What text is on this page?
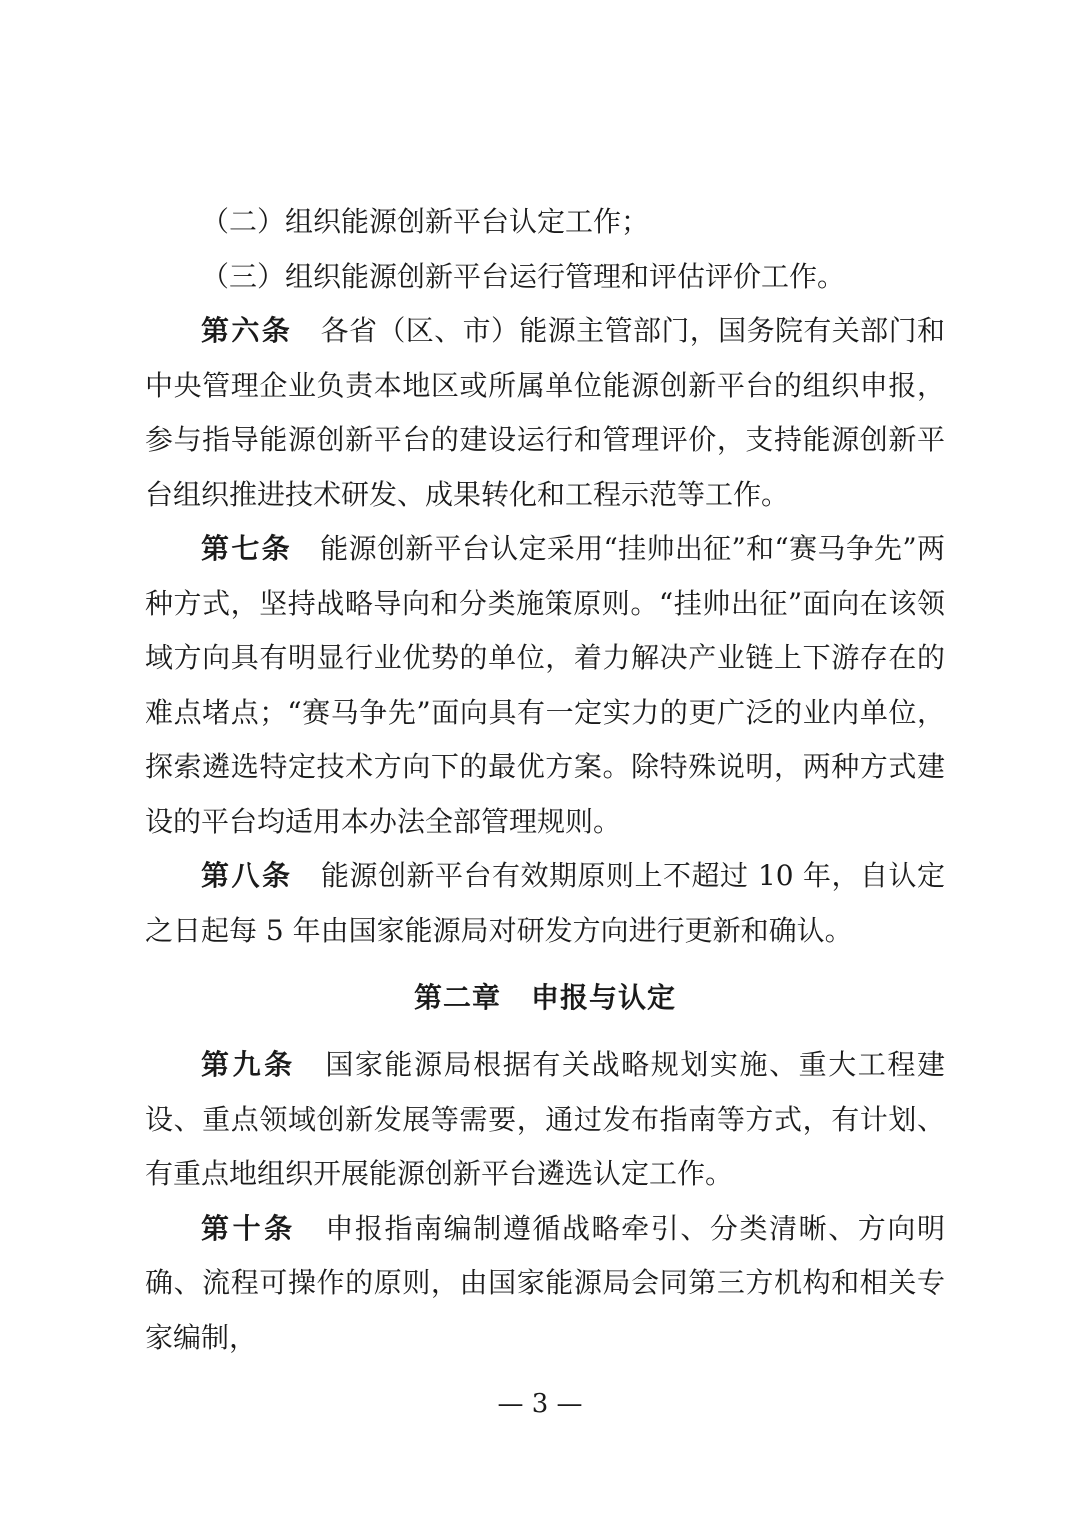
（二）组织能源创新平台认定工作；

（三）组织能源创新平台运行管理和评估评价工作。

第六条 各省（区、市）能源主管部门，国务院有关部门和中央管理企业负责本地区或所属单位能源创新平台的组织申报，参与指导能源创新平台的建设运行和管理评价，支持能源创新平台组织推进技术研发、成果转化和工程示范等工作。

第七条 能源创新平台认定采用“挂帅出征”和“赛马争先”两种方式，坚持战略导向和分类施策原则。“挂帅出征”面向在该领域方向具有明显行业优势的单位，着力解决产业链上下游存在的难点堵点；“赛马争先”面向具有一定实力的更广泛的业内单位，探索遴选特定技术方向下的最优方案。除特殊说明，两种方式建设的平台均适用本办法全部管理规则。

第八条 能源创新平台有效期原则上不超过 10 年，自认定之日起每 5 年由国家能源局对研发方向进行更新和确认。

第二章 申报与认定

第九条 国家能源局根据有关战略规划实施、重大工程建设、重点领域创新发展等需要，通过发布指南等方式，有计划、有重点地组织开展能源创新平台遴选认定工作。

第十条 申报指南编制遵循战略牵引、分类清晰、方向明确、流程可操作的原则，由国家能源局会同第三方机构和相关专家编制，

— 3 —
